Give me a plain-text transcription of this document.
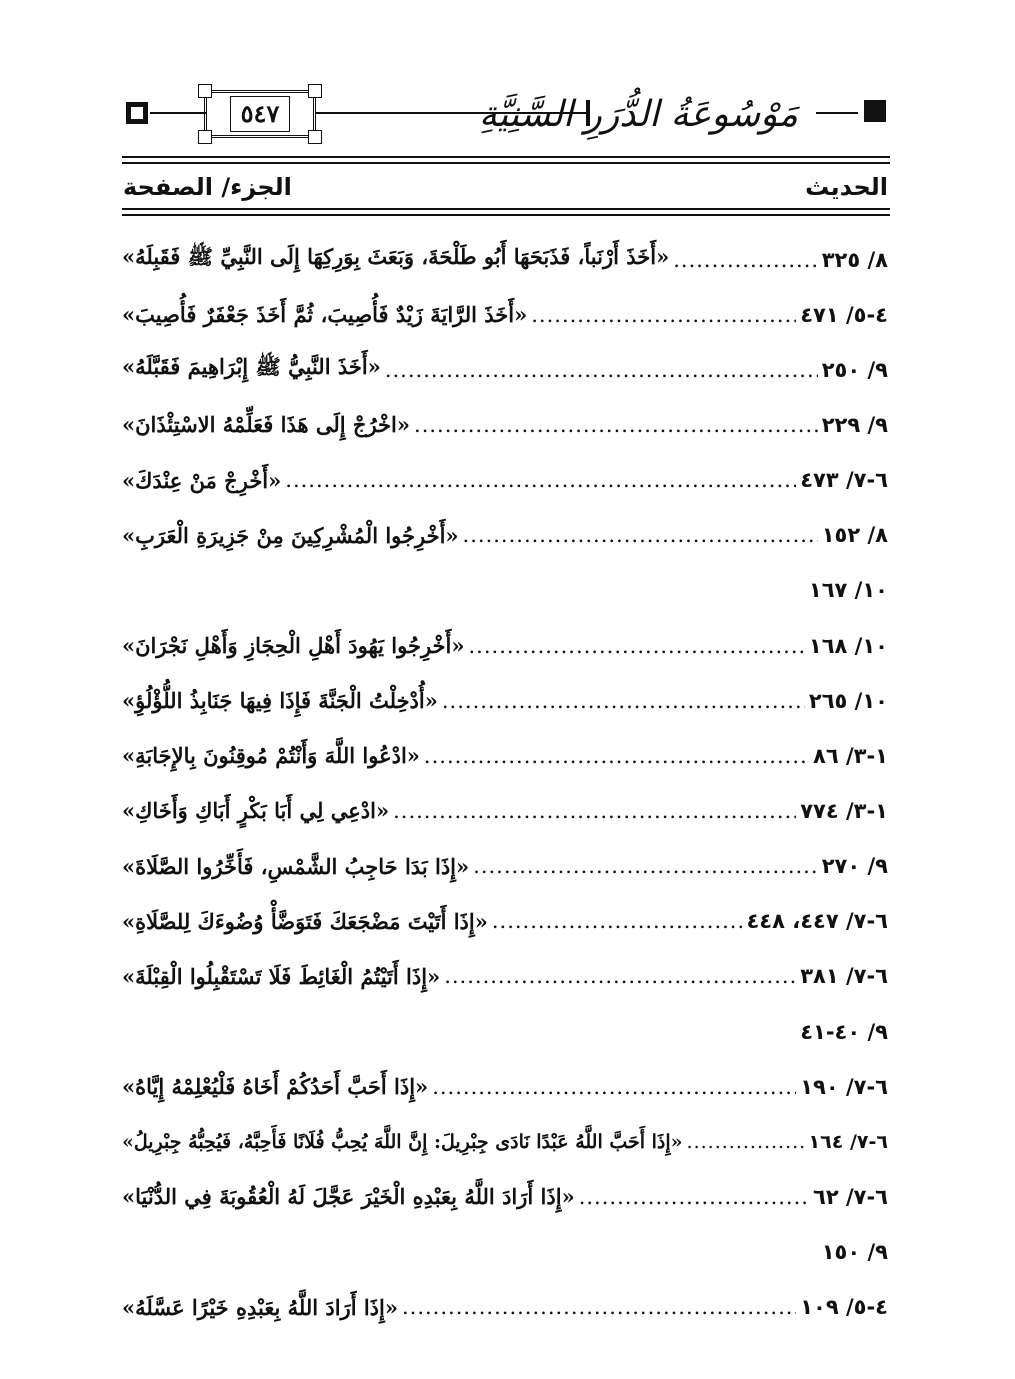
٥٤٧	مَوْسُوعَةُ الدُّرَرِ السَّنِيَّةِ
الحديث
الجزء/ الصفحة
«أَخَذَ أَرْنَباً، فَذَبَحَهَا أَبُو طَلْحَةَ، وَبَعَثَ بِوَرِكِهَا إِلَى النَّبِيِّ ﷺ فَقَبِلَهُ» .....	٨/ ٣٢٥
«أَخَذَ الرَّايَةَ زَيْدٌ فَأُصِيبَ، ثُمَّ أَخَذَ جَعْفَرٌ فَأُصِيبَ» .....	٤-٥/ ٤٧١
«أَخَذَ النَّبِيُّ ﷺ إِبْرَاهِيمَ فَقَبَّلَهُ» .....	٩/ ٢٥٠
«اخْرُجْ إِلَى هَذَا فَعَلِّمْهُ الاسْتِئْذَانَ» .....	٩/ ٢٢٩
«أَخْرِجْ مَنْ عِنْدَكَ» .....	٦-٧/ ٤٧٣
«أَخْرِجُوا الْمُشْرِكِينَ مِنْ جَزِيرَةِ الْعَرَبِ» .....	٨/ ١٥٢
١٠/ ١٦٧
«أَخْرِجُوا يَهُودَ أَهْلِ الْحِجَازِ وَأَهْلِ نَجْرَانَ» .....	١٠/ ١٦٨
«أُدْخِلْتُ الْجَنَّةَ فَإِذَا فِيهَا جَنَابِذُ اللُّؤْلُؤِ» .....	١٠/ ٢٦٥
«ادْعُوا اللَّهَ وَأَنْتُمْ مُوقِنُونَ بِالإِجَابَةِ» .....	١-٣/ ٨٦
«ادْعِي لِي أَبَا بَكْرٍ أَبَاكِ وَأَخَاكِ» .....	١-٣/ ٧٧٤
«إِذَا بَدَا حَاجِبُ الشَّمْسِ، فَأَخِّرُوا الصَّلَاةَ» .....	٩/ ٢٧٠
«إِذَا أَتَيْتَ مَضْجَعَكَ فَتَوَضَّأْ وُضُوءَكَ لِلصَّلَاةِ» .....	٦-٧/ ٤٤٧، ٤٤٨
«إِذَا أَتَيْتُمُ الْغَائِطَ فَلَا تَسْتَقْبِلُوا الْقِبْلَةَ» .....	٦-٧/ ٣٨١
٩/ ٤٠-٤١
«إِذَا أَحَبَّ أَحَدُكُمْ أَخَاهُ فَلْيُعْلِمْهُ إِيَّاهُ» .....	٦-٧/ ١٩٠
«إِذَا أَحَبَّ اللَّهُ عَبْدًا نَادَى جِبْرِيلَ: إِنَّ اللَّهَ يُحِبُّ فُلَانًا فَأَحِبَّهُ، فَيُحِبُّهُ جِبْرِيلُ» .....	٦-٧/ ١٦٤
«إِذَا أَرَادَ اللَّهُ بِعَبْدِهِ الْخَيْرَ عَجَّلَ لَهُ الْعُقُوبَةَ فِي الدُّنْيَا» .....	٦-٧/ ٦٢
٩/ ١٥٠
«إِذَا أَرَادَ اللَّهُ بِعَبْدِهِ خَيْرًا عَسَّلَهُ» .....	٤-٥/ ١٠٩
